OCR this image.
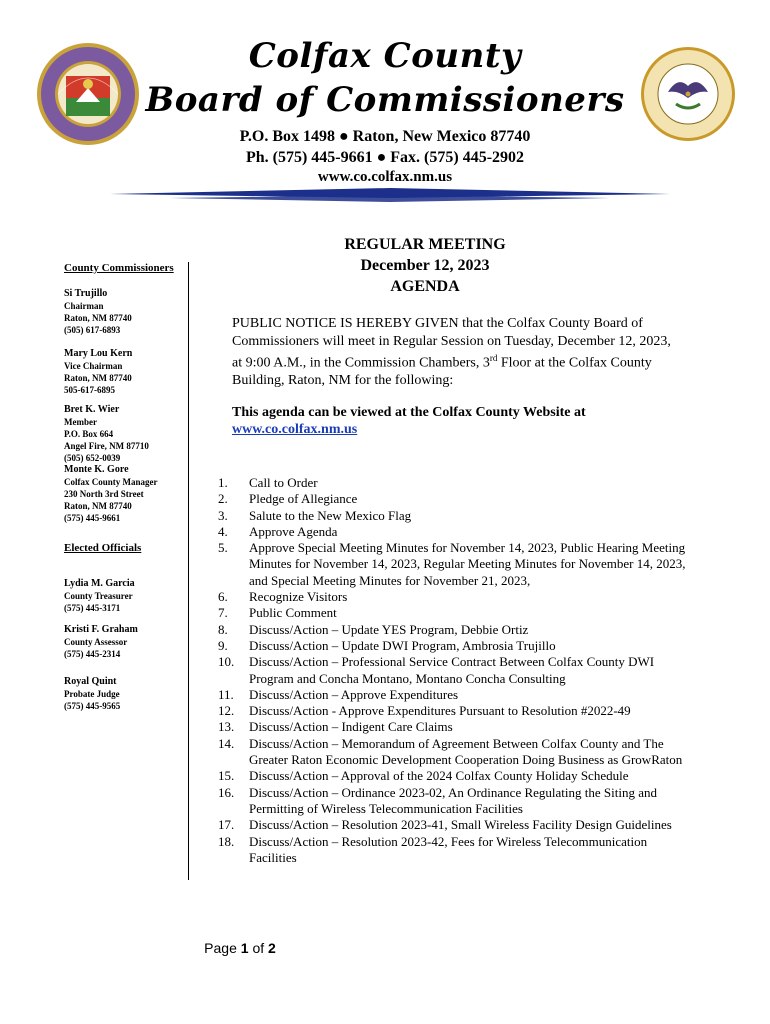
Colfax County
Board of Commissioners
P.O. Box 1498 ● Raton, New Mexico 87740
Ph. (575) 445-9661 ● Fax. (575) 445-2902
www.co.colfax.nm.us
County Commissioners
Si Trujillo
Chairman
Raton, NM 87740
(505) 617-6893
Mary Lou Kern
Vice Chairman
Raton, NM 87740
505-617-6895
Bret K. Wier
Member
P.O. Box 664
Angel Fire, NM 87710
(505) 652-0039
Monte K. Gore
Colfax County Manager
230 North 3rd Street
Raton, NM 87740
(575) 445-9661
Elected Officials
Lydia M. Garcia
County Treasurer
(575) 445-3171
Kristi F. Graham
County Assessor
(575) 445-2314
Royal Quint
Probate Judge
(575) 445-9565
REGULAR MEETING
December 12, 2023
AGENDA
PUBLIC NOTICE IS HEREBY GIVEN that the Colfax County Board of Commissioners will meet in Regular Session on Tuesday, December 12, 2023, at 9:00 A.M., in the Commission Chambers, 3rd Floor at the Colfax County Building, Raton, NM for the following:
This agenda can be viewed at the Colfax County Website at
www.co.colfax.nm.us
1.	Call to Order
2.	Pledge of Allegiance
3.	Salute to the New Mexico Flag
4.	Approve Agenda
5.	Approve Special Meeting Minutes for November 14, 2023, Public Hearing Meeting Minutes for November 14, 2023, Regular Meeting Minutes for November 14, 2023, and Special Meeting Minutes for November 21, 2023,
6.	Recognize Visitors
7.	Public Comment
8.	Discuss/Action – Update YES Program, Debbie Ortiz
9.	Discuss/Action – Update DWI Program, Ambrosia Trujillo
10.	Discuss/Action – Professional Service Contract Between Colfax County DWI Program and Concha Montano, Montano Concha Consulting
11.	Discuss/Action – Approve Expenditures
12.	Discuss/Action - Approve Expenditures Pursuant to Resolution #2022-49
13.	Discuss/Action – Indigent Care Claims
14.	Discuss/Action – Memorandum of Agreement Between Colfax County and The Greater Raton Economic Development Cooperation Doing Business as GrowRaton
15.	Discuss/Action – Approval of the 2024 Colfax County Holiday Schedule
16.	Discuss/Action – Ordinance 2023-02, An Ordinance Regulating the Siting and Permitting of Wireless Telecommunication Facilities
17.	Discuss/Action – Resolution 2023-41, Small Wireless Facility Design Guidelines
18.	Discuss/Action – Resolution 2023-42, Fees for Wireless Telecommunication Facilities
Page 1 of 2
